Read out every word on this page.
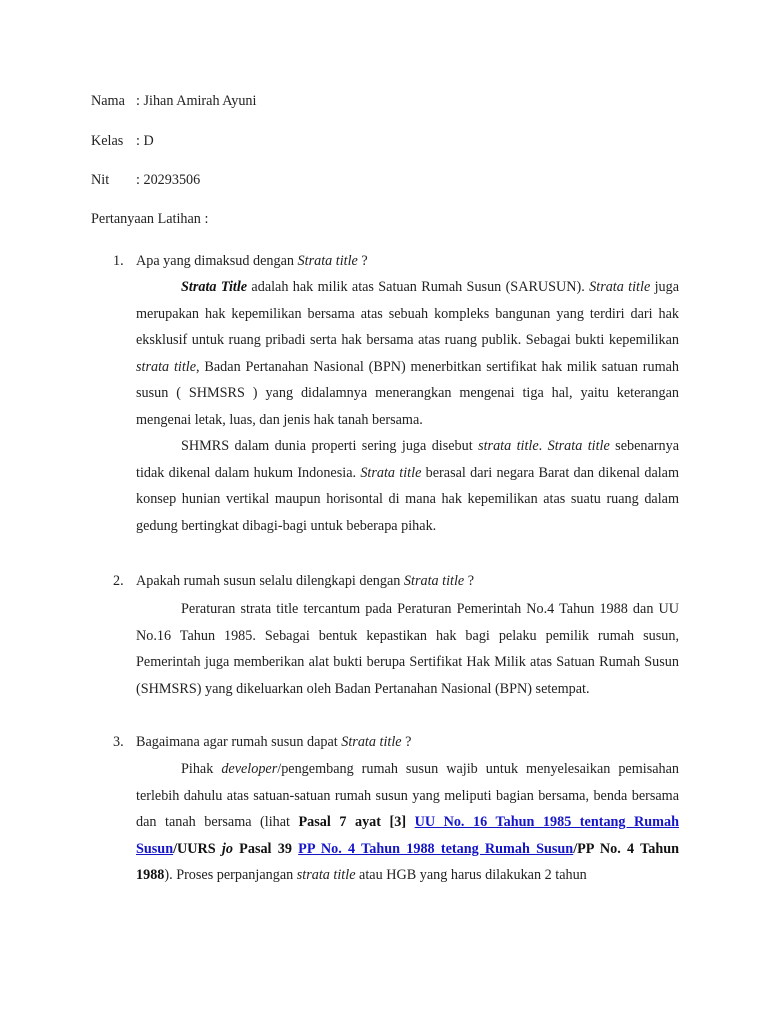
Nama : Jihan Amirah Ayuni
Kelas : D
Nit : 20293506
Pertanyaan Latihan :
1. Apa yang dimaksud dengan Strata title ?

Strata Title adalah hak milik atas Satuan Rumah Susun (SARUSUN). Strata title juga merupakan hak kepemilikan bersama atas sebuah kompleks bangunan yang terdiri dari hak eksklusif untuk ruang pribadi serta hak bersama atas ruang publik. Sebagai bukti kepemilikan strata title, Badan Pertanahan Nasional (BPN) menerbitkan sertifikat hak milik satuan rumah susun ( SHMSRS ) yang didalamnya menerangkan mengenai tiga hal, yaitu keterangan mengenai letak, luas, dan jenis hak tanah bersama.

SHMRS dalam dunia properti sering juga disebut strata title. Strata title sebenarnya tidak dikenal dalam hukum Indonesia. Strata title berasal dari negara Barat dan dikenal dalam konsep hunian vertikal maupun horisontal di mana hak kepemilikan atas suatu ruang dalam gedung bertingkat dibagi-bagi untuk beberapa pihak.

2. Apakah rumah susun selalu dilengkapi dengan Strata title ?

Peraturan strata title tercantum pada Peraturan Pemerintah No.4 Tahun 1988 dan UU No.16 Tahun 1985. Sebagai bentuk kepastikan hak bagi pelaku pemilik rumah susun, Pemerintah juga memberikan alat bukti berupa Sertifikat Hak Milik atas Satuan Rumah Susun (SHMSRS) yang dikeluarkan oleh Badan Pertanahan Nasional (BPN) setempat.

3. Bagaimana agar rumah susun dapat Strata title ?

Pihak developer/pengembang rumah susun wajib untuk menyelesaikan pemisahan terlebih dahulu atas satuan-satuan rumah susun yang meliputi bagian bersama, benda bersama dan tanah bersama (lihat Pasal 7 ayat [3] UU No. 16 Tahun 1985 tentang Rumah Susun/UURS jo Pasal 39 PP No. 4 Tahun 1988 tetang Rumah Susun/PP No. 4 Tahun 1988). Proses perpanjangan strata title atau HGB yang harus dilakukan 2 tahun
